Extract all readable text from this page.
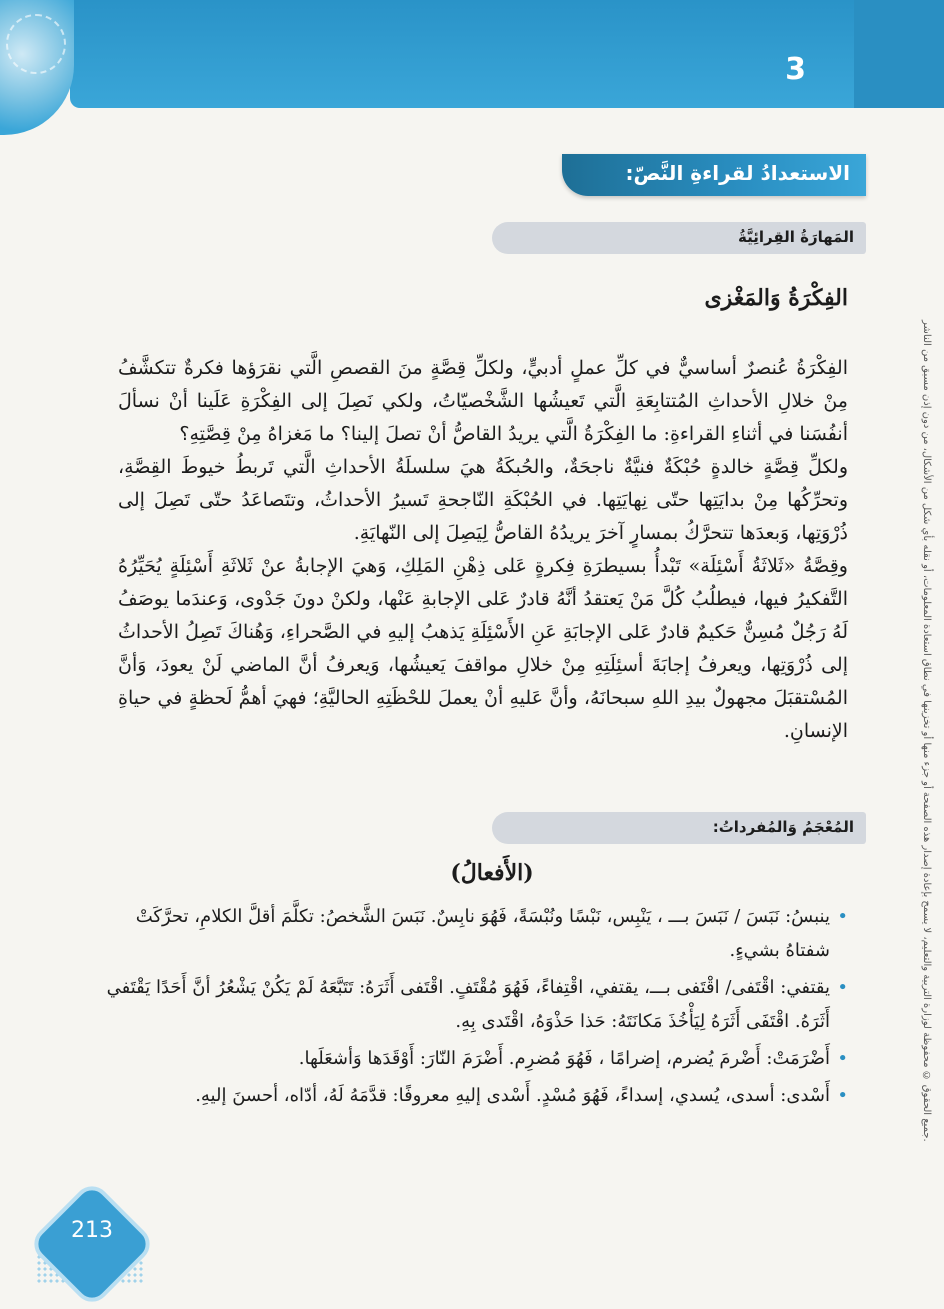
3
جميع الحقوق © محفوظة لوزارة التربية والتعليم، لا يسمح بإعادة إصدار هذه الصفحة أو جزء منها أو تخزينها في نطاق استعادة المعلومات، أو نقله بأي شكل من الأشكال، من دون إذن مسبق من الناشر.
الاستعدادُ لقراءةِ النَّصّ:
المَهارَةُ القِرائِيَّةُ
الفِكْرَةُ وَالمَغْزى

الفِكْرَةُ عُنصرٌ أساسيٌّ في كلِّ عملٍ أدبيٍّ، ولكلِّ قِصَّةٍ منَ القصصِ الَّتي نقرَؤها فكرةٌ تتكشَّفُ مِنْ خلالِ الأحداثِ المُتتابِعَةِ الَّتي تَعيشُها الشَّخْصيّاتُ، ولكي نَصِلَ إلى الفِكْرَةِ عَلَينا أنْ نسألَ أنفُسَنا في أثناءِ القراءةِ: ما الفِكْرَةُ الَّتي يريدُ القاصُّ أنْ تصلَ إلينا؟ ما مَغزاهُ مِنْ قِصَّتِهِ؟

ولكلِّ قِصَّةٍ خالدةٍ حُبْكَةٌ فنيَّةٌ ناجحَةٌ، والحُبكَةُ هيَ سلسلَةُ الأحداثِ الَّتي تَربطُ خيوطَ القِصَّةِ، وتحرِّكُها مِنْ بدايَتِها حتّى نِهايَتِها. في الحُبْكَةِ النّاجحةِ تَسيرُ الأحداثُ، وتتَصاعَدُ حتّى تَصِلَ إلى ذُرْوَتِها، وَبعدَها تتحرَّكُ بمسارٍ آخرَ يريدُهُ القاصُّ لِيَصِلَ إلى النّهايَةِ.

وقِصَّةُ «ثَلاثَةُ أَسْئِلَة» تَبْدأُ بسيطرَةِ فِكرةٍ عَلى ذِهْنِ المَلِكِ، وَهيَ الإجابةُ عنْ ثَلاثَةِ أَسْئِلَةٍ يُحَيِّرُهُ التَّفكيرُ فيها، فيطلُبُ كُلَّ مَنْ يَعتقدُ أنَّهُ قادرٌ عَلى الإجابةِ عَنْها، ولكنْ دونَ جَدْوى، وَعندَما يوصَفُ لَهُ رَجُلٌ مُسِنٌّ حَكيمٌ قادرٌ عَلى الإجابَةِ عَنِ الأَسْئِلَةِ يَذهبُ إليهِ في الصَّحراءِ، وَهُناكَ تَصِلُ الأحداثُ إلى ذُرْوَتِها، ويعرفُ إجابَةَ أسئِلَتِهِ مِنْ خلالِ مواقفَ يَعيشُها، وَيعرفُ أنَّ الماضي لَنْ يعودَ، وَأنَّ المُسْتقبَلَ مجهولٌ بيدِ اللهِ سبحانَهُ، وأنَّ عَليهِ أنْ يعملَ للحْظَتِهِ الحاليَّةِ؛ فهيَ أهمُّ لَحظةٍ في حياةِ الإنسانِ.

المُعْجَمُ وَالمُفرداتُ:
(الأَفعالُ)
•
ينبسُ: نَبَسَ / نَبَسَ بـــ ، يَنْبِس، نَبْسًا ونُبْسَةً، فَهُوَ نابِسٌ. نَبَسَ الشَّخصُ: تكلَّمَ أقلَّ الكلامِ، تحرَّكَتْ شفتاهُ بشيءٍ.
•
يقتفي: اقْتَفى/ اقْتَفى بـــ، يقتفي، اقْتِفاءً، فَهُوَ مُقْتَفٍ. اقْتَفى أَثَرَهُ: تَتَبَّعَهُ لَمْ يَكُنْ يَشْعُرُ أنَّ أَحَدًا يَقْتَفي أَثَرَهُ. اقْتَفَى أَثَرَهُ لِيَأْخُذَ مَكانَتَهُ: حَذا حَذْوَهُ، اقْتَدى بِهِ.
•
أَضْرَمَتْ: أَضْرمَ يُضرم، إضرامًا ، فَهُوَ مُضرِم. أَضْرَمَ النّارَ: أَوْقَدَها وَأشعَلَها.
•
أَسْدى: أسدى، يُسدي، إسداءً، فَهُوَ مُسْدٍ. أَسْدى إليهِ معروفًا: قدَّمَهُ لَهُ، أدّاه، أحسنَ إليهِ.
213
